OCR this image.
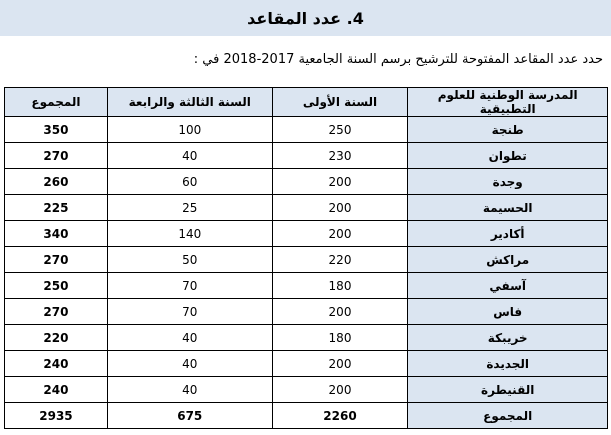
4. عدد المقاعد
حدد عدد المقاعد المفتوحة للترشيح برسم السنة الجامعية 2017-2018 في :
المدرسة الوطنية للعلوم التطبيقية	السنة الأولى	السنة الثالثة والرابعة	المجموع
طنجة	250	100	350
تطوان	230	40	270
وجدة	200	60	260
الحسيمة	200	25	225
أكادير	200	140	340
مراكش	220	50	270
آسفي	180	70	250
فاس	200	70	270
خريبكة	180	40	220
الجديدة	200	40	240
القنيطرة	200	40	240
المجموع	2260	675	2935
